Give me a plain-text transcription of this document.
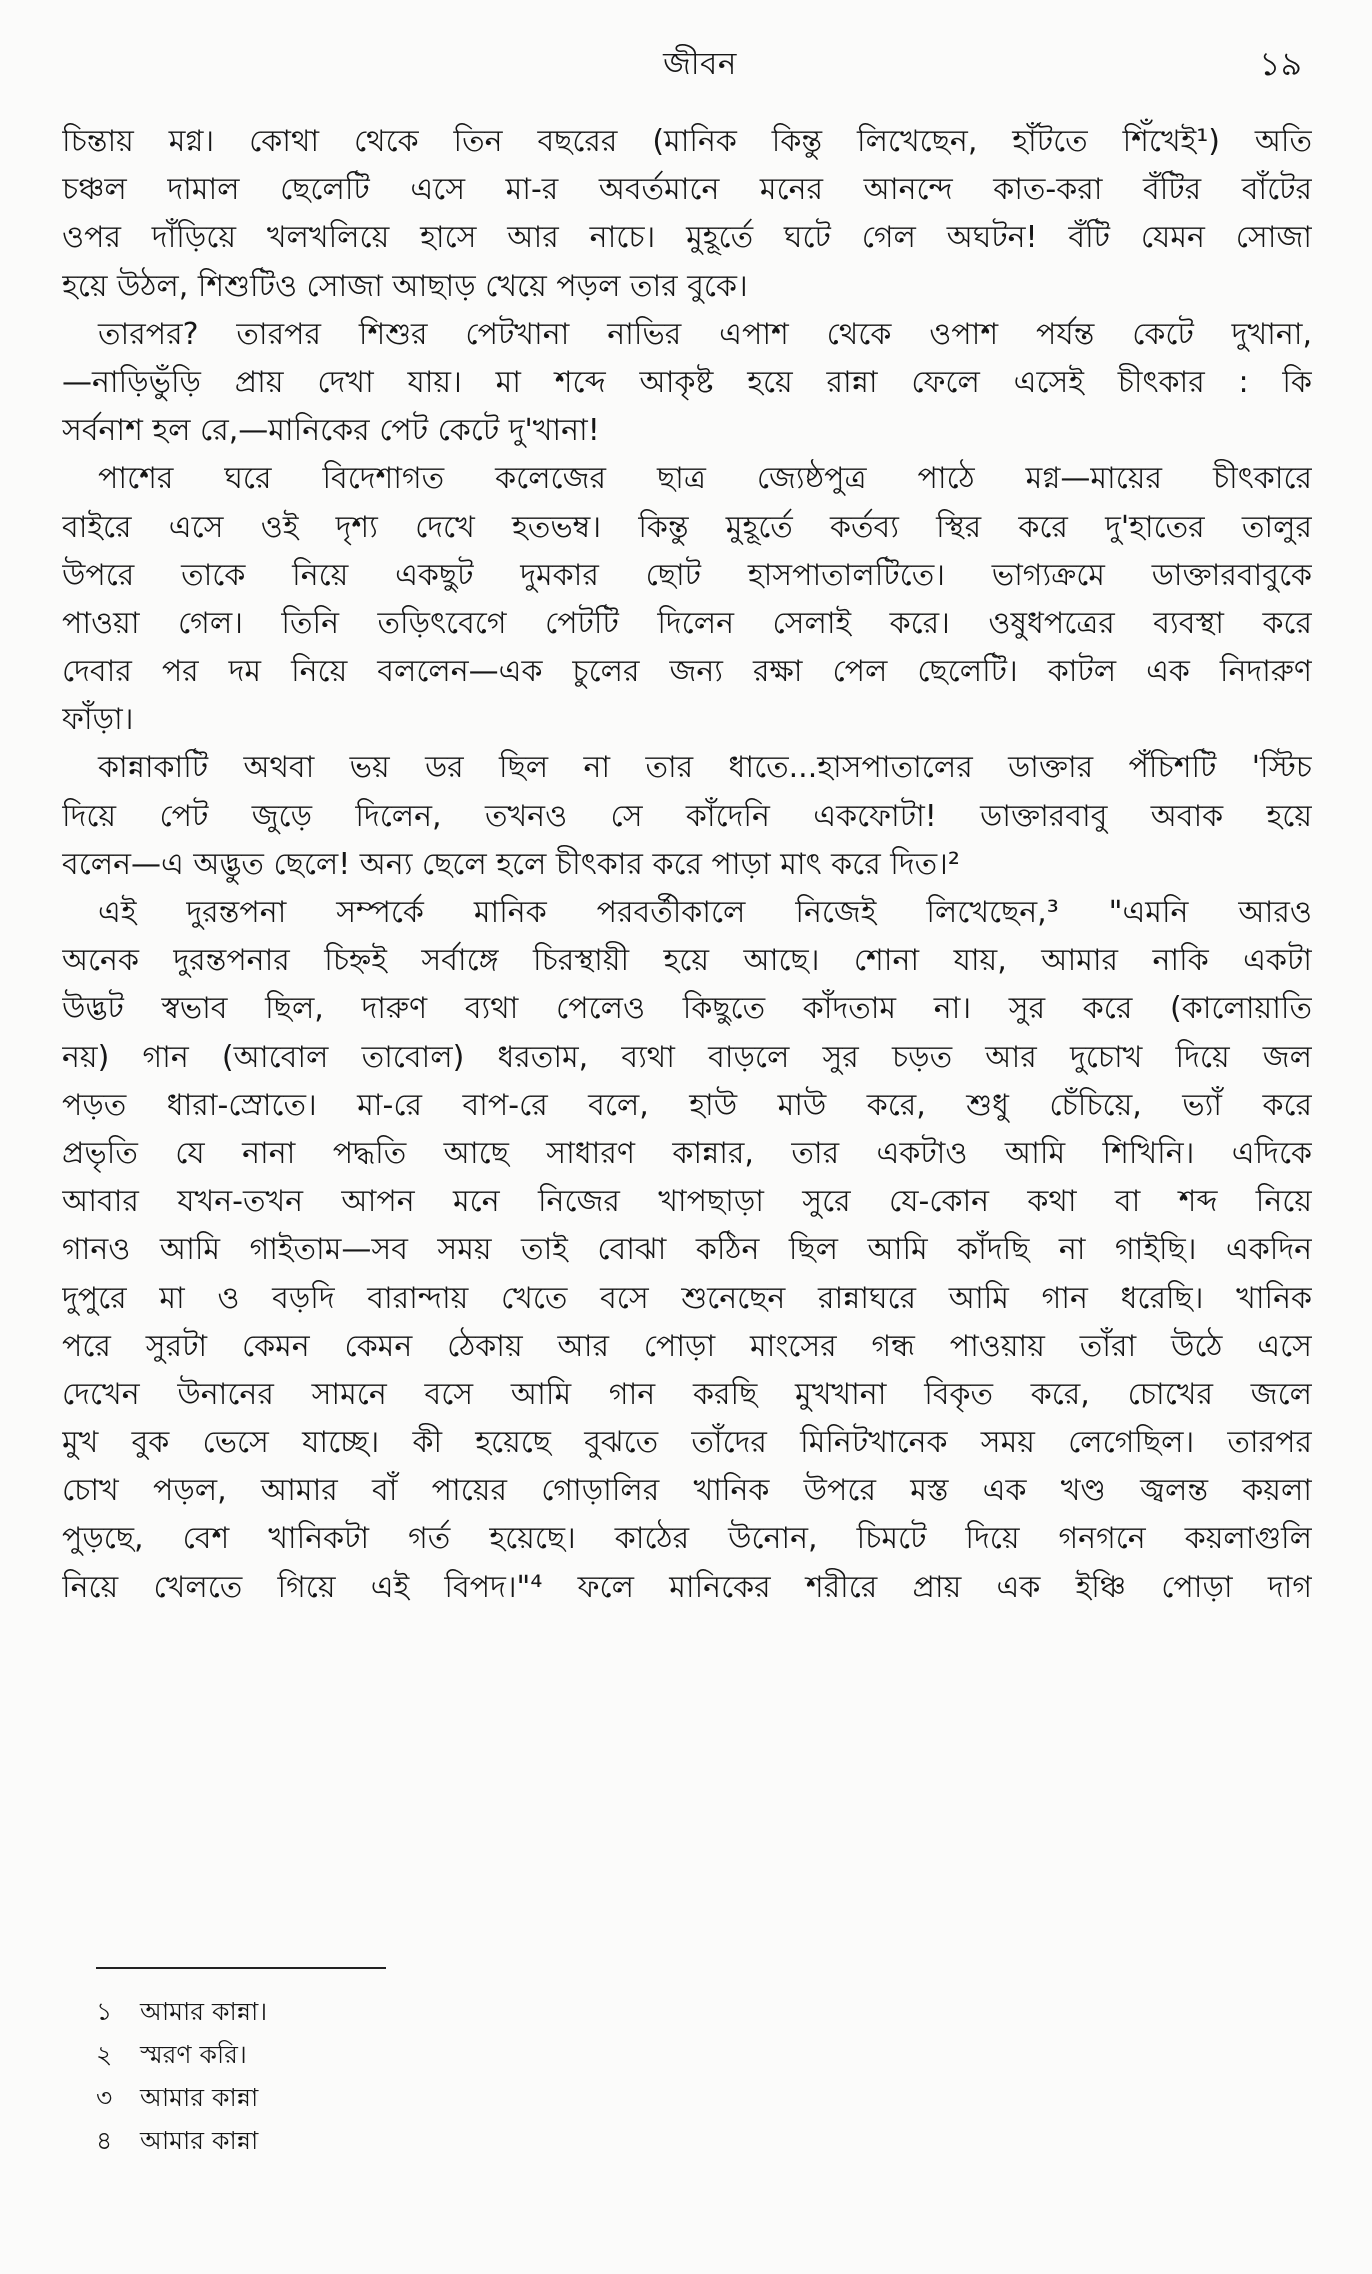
জীবন	১৯
চিন্তায় মগ্ন। কোথা থেকে তিন বছরের (মানিক কিন্তু লিখেছেন, হাঁটতে শিঁখেই¹) অতি
চঞ্চল দামাল ছেলেটি এসে মা-র অবর্তমানে মনের আনন্দে কাত-করা বঁটির বাঁটের
ওপর দাঁড়িয়ে খলখলিয়ে হাসে আর নাচে। মুহূর্তে ঘটে গেল অঘটন! বঁটি যেমন সোজা
হয়ে উঠল, শিশুটিও সোজা আছাড় খেয়ে পড়ল তার বুকে।
তারপর? তারপর শিশুর পেটখানা নাভির এপাশ থেকে ওপাশ পর্যন্ত কেটে দুখানা,
—নাড়িভুঁড়ি প্রায় দেখা যায়। মা শব্দে আকৃষ্ট হয়ে রান্না ফেলে এসেই চীৎকার : কি
সর্বনাশ হল রে,—মানিকের পেট কেটে দু'খানা!
পাশের ঘরে বিদেশাগত কলেজের ছাত্র জ্যেষ্ঠপুত্র পাঠে মগ্ন—মায়ের চীৎকারে
বাইরে এসে ওই দৃশ্য দেখে হতভম্ব। কিন্তু মুহূর্তে কর্তব্য স্থির করে দু'হাতের তালুর
উপরে তাকে নিয়ে একছুট দুমকার ছোট হাসপাতালটিতে। ভাগ্যক্রমে ডাক্তারবাবুকে
পাওয়া গেল। তিনি তড়িৎবেগে পেটটি দিলেন সেলাই করে। ওষুধপত্রের ব্যবস্থা করে
দেবার পর দম নিয়ে বললেন—এক চুলের জন্য রক্ষা পেল ছেলেটি। কাটল এক নিদারুণ
ফাঁড়া।
কান্নাকাটি অথবা ভয় ডর ছিল না তার ধাতে...হাসপাতালের ডাক্তার পঁচিশটি 'স্টিচ
দিয়ে পেট জুড়ে দিলেন, তখনও সে কাঁদেনি একফোটা! ডাক্তারবাবু অবাক হয়ে
বলেন—এ অদ্ভুত ছেলে! অন্য ছেলে হলে চীৎকার করে পাড়া মাৎ করে দিত।²
এই দুরন্তপনা সম্পর্কে মানিক পরবর্তীকালে নিজেই লিখেছেন,³ "এমনি আরও
অনেক দুরন্তপনার চিহ্নই সর্বাঙ্গে চিরস্থায়ী হয়ে আছে। শোনা যায়, আমার নাকি একটা
উদ্ভট স্বভাব ছিল, দারুণ ব্যথা পেলেও কিছুতে কাঁদতাম না। সুর করে (কালোয়াতি
নয়) গান (আবোল তাবোল) ধরতাম, ব্যথা বাড়লে সুর চড়ত আর দুচোখ দিয়ে জল
পড়ত ধারা-স্রোতে। মা-রে বাপ-রে বলে, হাউ মাউ করে, শুধু চেঁচিয়ে, ভ্যাঁ করে
প্রভৃতি যে নানা পদ্ধতি আছে সাধারণ কান্নার, তার একটাও আমি শিখিনি। এদিকে
আবার যখন-তখন আপন মনে নিজের খাপছাড়া সুরে যে-কোন কথা বা শব্দ নিয়ে
গানও আমি গাইতাম—সব সময় তাই বোঝা কঠিন ছিল আমি কাঁদছি না গাইছি। একদিন
দুপুরে মা ও বড়দি বারান্দায় খেতে বসে শুনেছেন রান্নাঘরে আমি গান ধরেছি। খানিক
পরে সুরটা কেমন কেমন ঠেকায় আর পোড়া মাংসের গন্ধ পাওয়ায় তাঁরা উঠে এসে
দেখেন উনানের সামনে বসে আমি গান করছি মুখখানা বিকৃত করে, চোখের জলে
মুখ বুক ভেসে যাচ্ছে। কী হয়েছে বুঝতে তাঁদের মিনিটখানেক সময় লেগেছিল। তারপর
চোখ পড়ল, আমার বাঁ পায়ের গোড়ালির খানিক উপরে মস্ত এক খণ্ড জ্বলন্ত কয়লা
পুড়ছে, বেশ খানিকটা গর্ত হয়েছে। কাঠের উনোন, চিমটে দিয়ে গনগনে কয়লাগুলি
নিয়ে খেলতে গিয়ে এই বিপদ।"⁴ ফলে মানিকের শরীরে প্রায় এক ইঞ্চি পোড়া দাগ
১ আমার কান্না।
২ স্মরণ করি।
৩ আমার কান্না
৪ আমার কান্না
